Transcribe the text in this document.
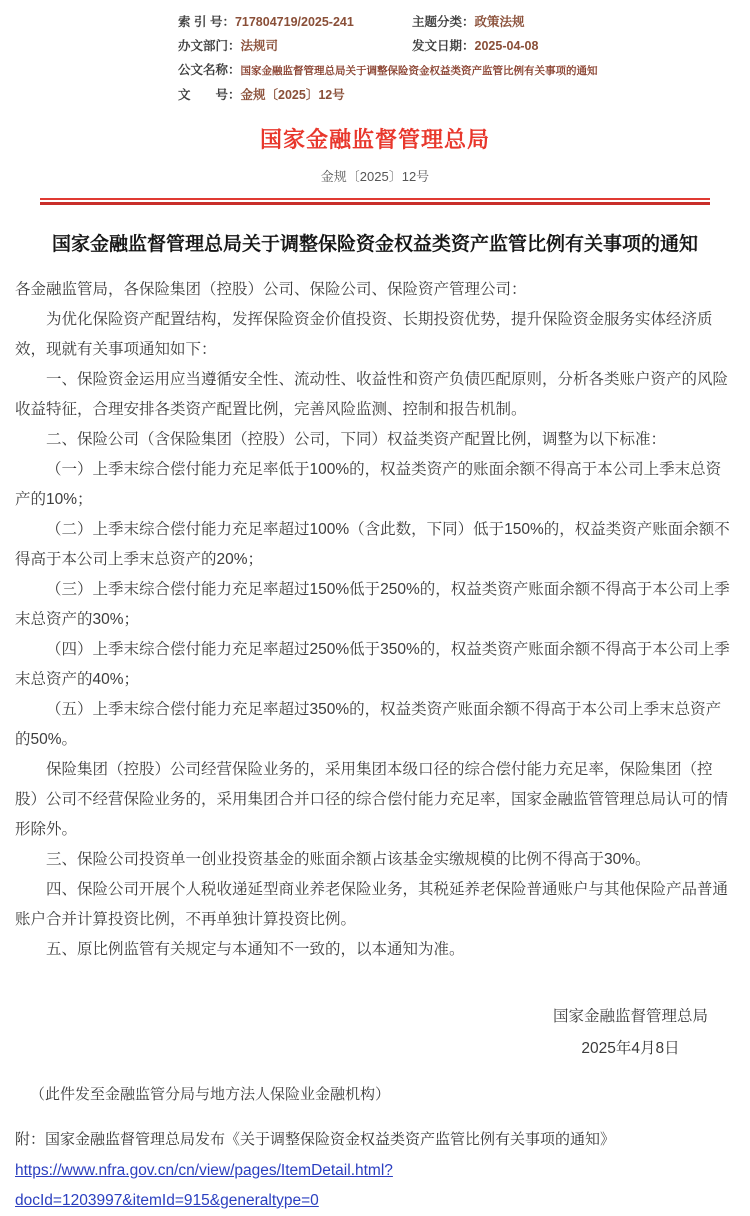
索 引 号：717804719/2025-241	主题分类：政策法规
办文部门：法规司	发文日期：2025-04-08
公文名称：国家金融监督管理总局关于调整保险资金权益类资产监管比例有关事项的通知
文　　号：金规〔2025〕12号
国家金融监督管理总局
金规〔2025〕12号
国家金融监督管理总局关于调整保险资金权益类资产监管比例有关事项的通知

各金融监管局，各保险集团（控股）公司、保险公司、保险资产管理公司：

为优化保险资产配置结构，发挥保险资金价值投资、长期投资优势，提升保险资金服务实体经济质效，现就有关事项通知如下：

一、保险资金运用应当遵循安全性、流动性、收益性和资产负债匹配原则，分析各类账户资产的风险收益特征，合理安排各类资产配置比例，完善风险监测、控制和报告机制。

二、保险公司（含保险集团（控股）公司，下同）权益类资产配置比例，调整为以下标准：

（一）上季末综合偿付能力充足率低于100%的，权益类资产的账面余额不得高于本公司上季末总资产的10%；

（二）上季末综合偿付能力充足率超过100%（含此数，下同）低于150%的，权益类资产账面余额不得高于本公司上季末总资产的20%；

（三）上季末综合偿付能力充足率超过150%低于250%的，权益类资产账面余额不得高于本公司上季末总资产的30%；

（四）上季末综合偿付能力充足率超过250%低于350%的，权益类资产账面余额不得高于本公司上季末总资产的40%；

（五）上季末综合偿付能力充足率超过350%的，权益类资产账面余额不得高于本公司上季末总资产的50%。

保险集团（控股）公司经营保险业务的，采用集团本级口径的综合偿付能力充足率，保险集团（控股）公司不经营保险业务的，采用集团合并口径的综合偿付能力充足率，国家金融监管管理总局认可的情形除外。

三、保险公司投资单一创业投资基金的账面余额占该基金实缴规模的比例不得高于30%。

四、保险公司开展个人税收递延型商业养老保险业务，其税延养老保险普通账户与其他保险产品普通账户合并计算投资比例，不再单独计算投资比例。

五、原比例监管有关规定与本通知不一致的，以本通知为准。

国家金融监督管理总局
2025年4月8日

（此件发至金融监管分局与地方法人保险业金融机构）

附：国家金融监督管理总局发布《关于调整保险资金权益类资产监管比例有关事项的通知》

https://www.nfra.gov.cn/cn/view/pages/ItemDetail.html?
docId=1203997&itemId=915&generaltype=0
